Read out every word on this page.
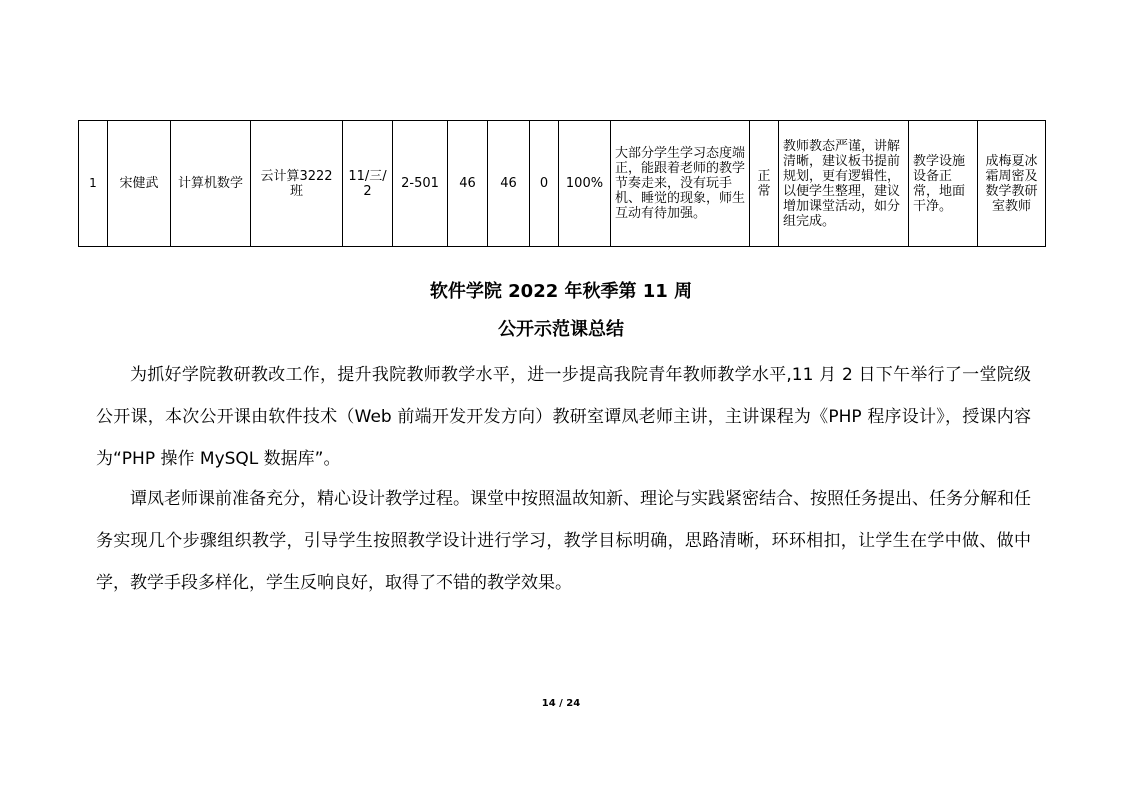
1	宋健武	计算机数学	云计算3222班	11/三/2	2-501	46	46	0	100%	大部分学生学习态度端正，能跟着老师的教学节奏走来，没有玩手机、睡觉的现象，师生互动有待加强。	正常	教师教态严谨，讲解清晰，建议板书提前规划，更有逻辑性，以便学生整理，建议增加课堂活动，如分组完成。	教学设施设备正常，地面干净。	成梅夏冰霜周密及数学教研室教师
软件学院 2022 年秋季第 11 周
公开示范课总结

为抓好学院教研教改工作，提升我院教师教学水平，进一步提高我院青年教师教学水平,11 月 2 日下午举行了一堂院级公开课，本次公开课由软件技术（Web 前端开发开发方向）教研室谭凤老师主讲，主讲课程为《PHP 程序设计》，授课内容为“PHP 操作 MySQL 数据库”。

谭凤老师课前准备充分，精心设计教学过程。课堂中按照温故知新、理论与实践紧密结合、按照任务提出、任务分解和任务实现几个步骤组织教学，引导学生按照教学设计进行学习，教学目标明确，思路清晰，环环相扣，让学生在学中做、做中学，教学手段多样化，学生反响良好，取得了不错的教学效果。

14 / 24
